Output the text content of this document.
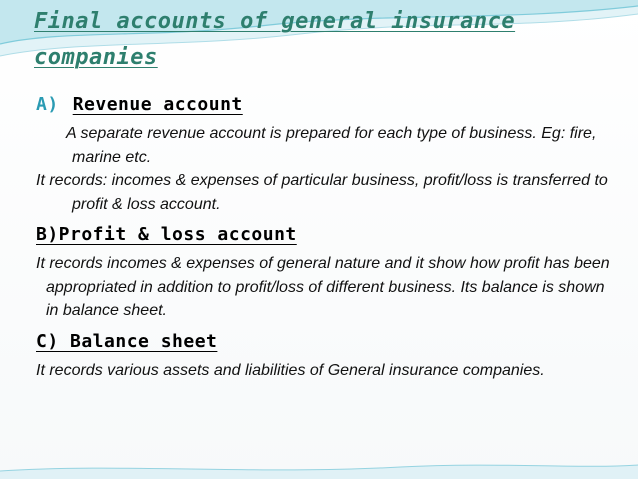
Final accounts of general insurance companies
A) Revenue account

A separate revenue account is prepared for each type of business. Eg: fire, marine etc.

It records: incomes & expenses of particular business, profit/loss is transferred to profit & loss account.

B)Profit & loss account

It records incomes & expenses of general nature and it show how profit has been appropriated in addition to profit/loss of different business. Its balance is shown in balance sheet.

C) Balance sheet

It records various assets and liabilities of General insurance companies.
